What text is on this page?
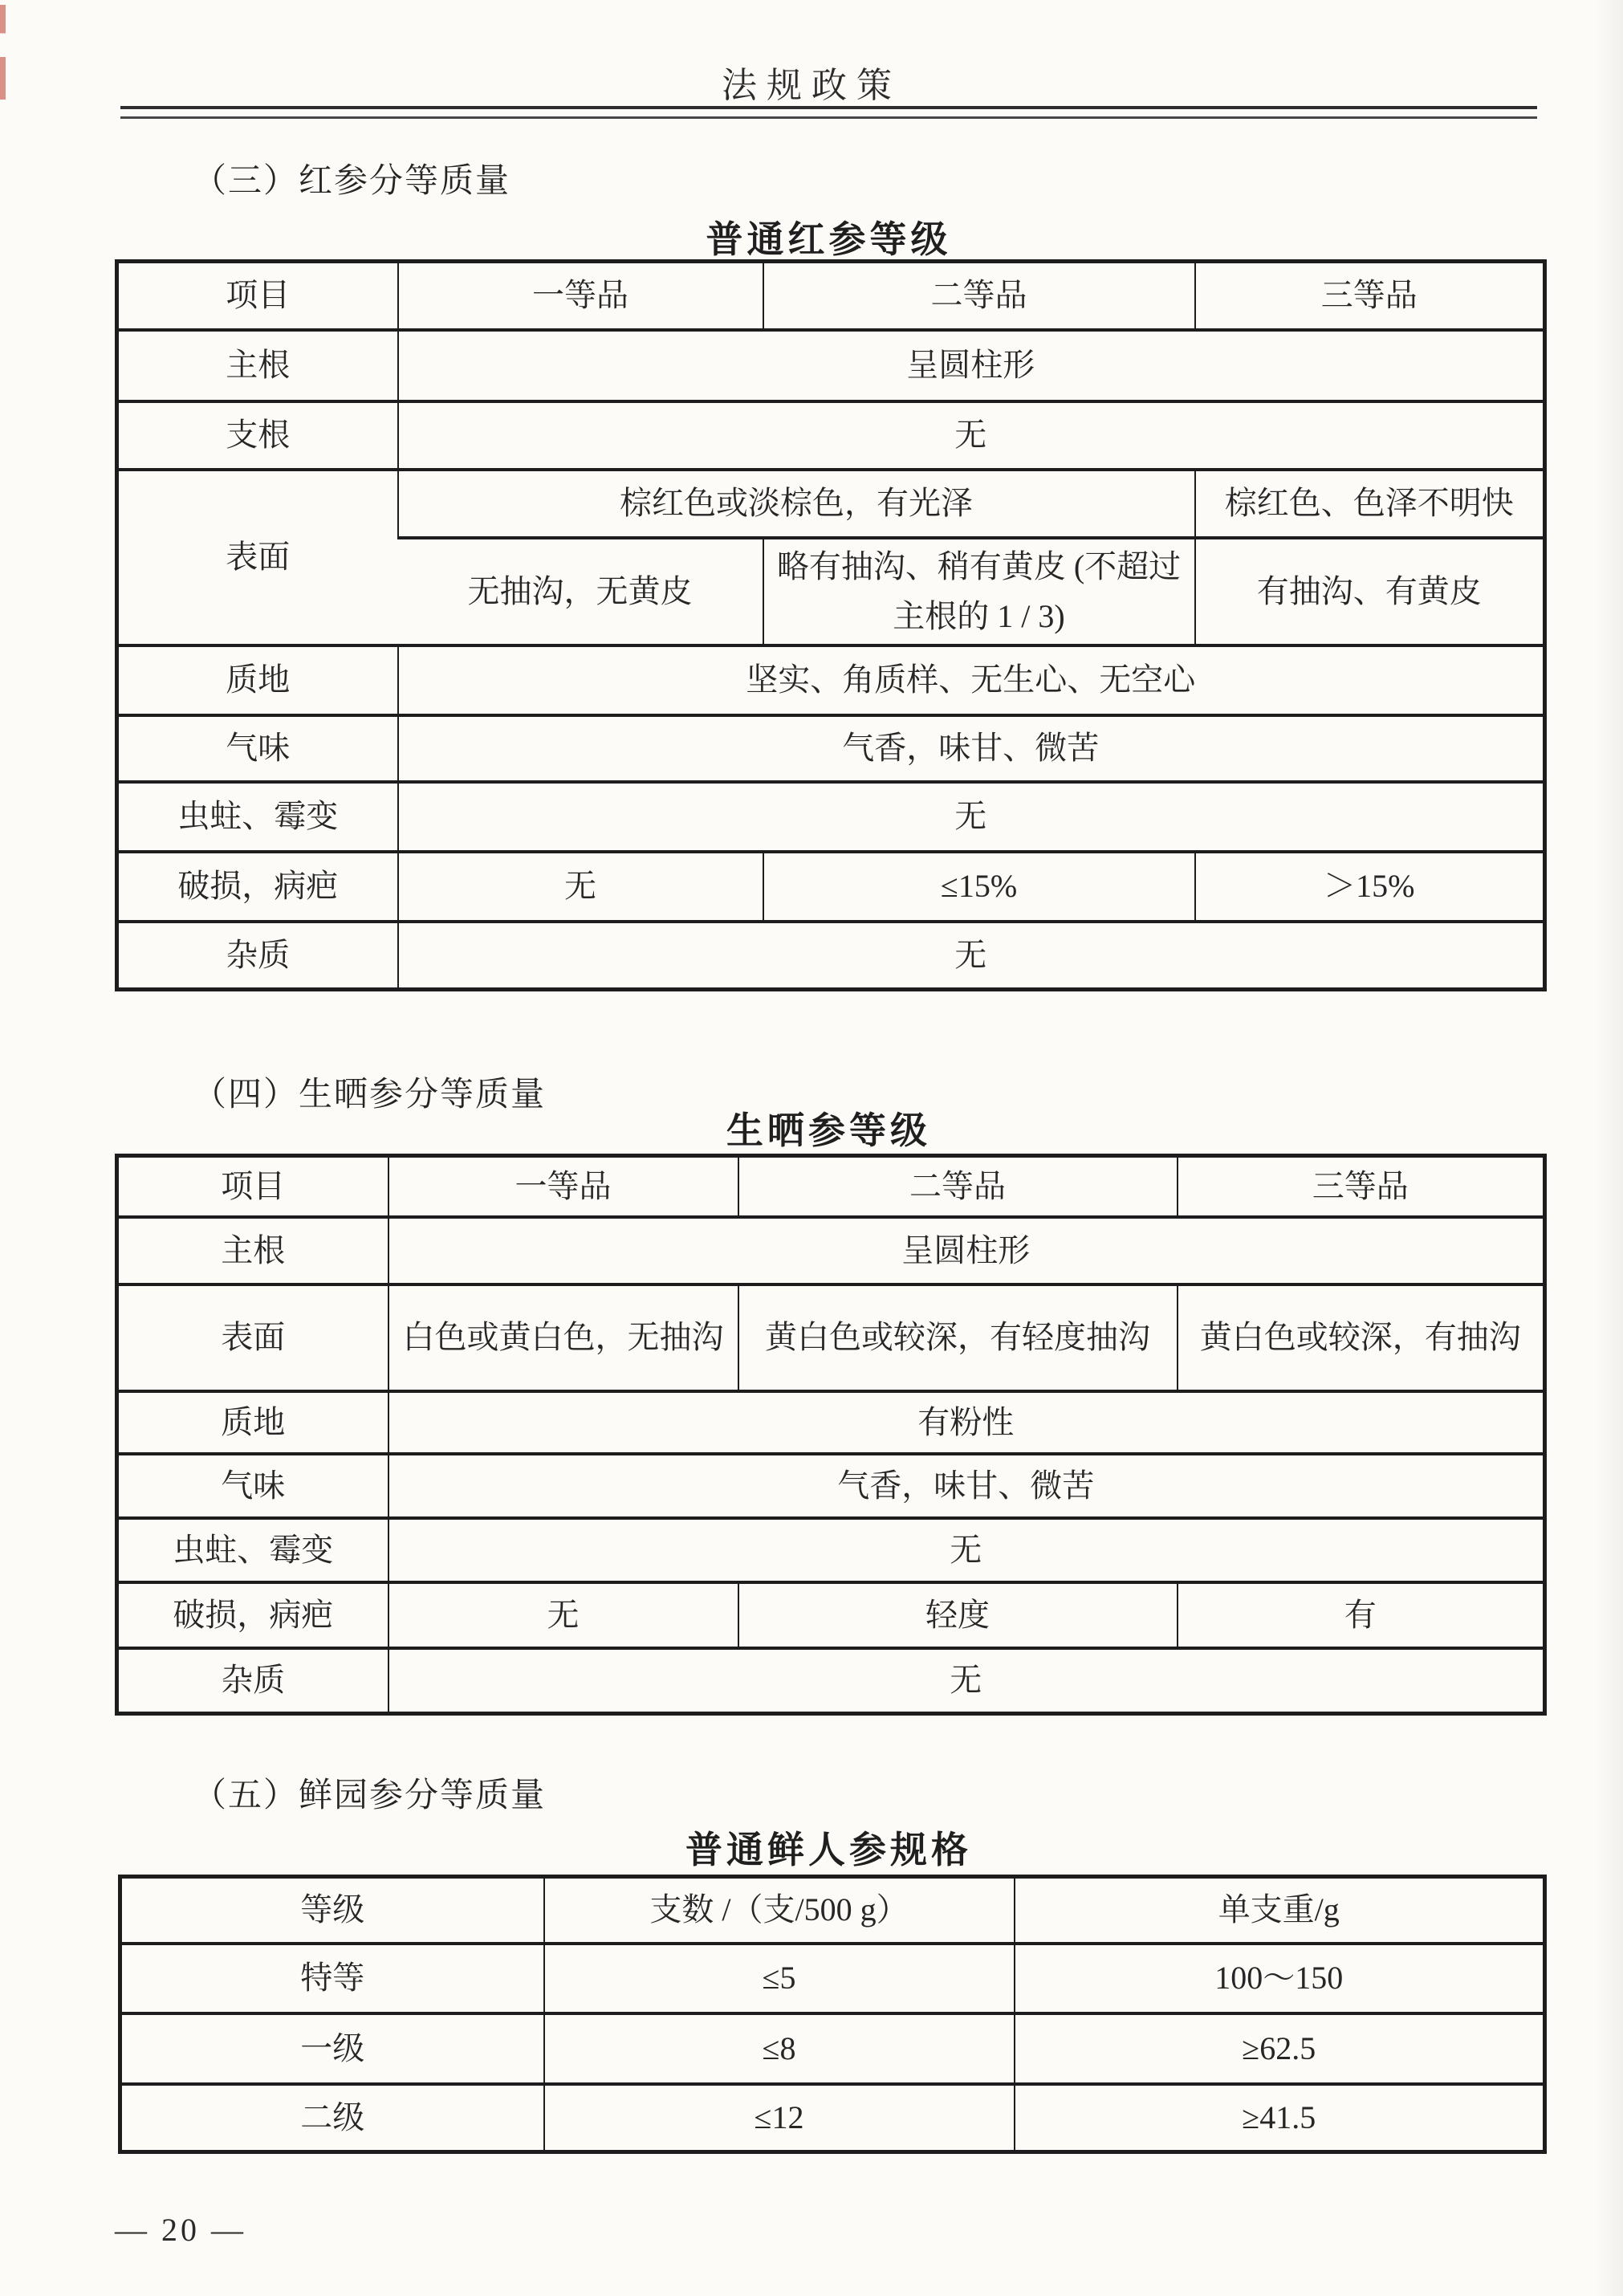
法规政策
（三）红参分等质量
普通红参等级
项目	一等品	二等品	三等品
主根	呈圆柱形		
支根	无		
表面	棕红色或淡棕色，有光泽		棕红色、色泽不明快
	无抽沟，无黄皮	略有抽沟、稍有黄皮 (不超过主根的 1 / 3)	有抽沟、有黄皮
质地	坚实、角质样、无生心、无空心		
气味	气香，味甘、微苦		
虫蛀、霉变	无		
破损，病疤	无	≤15%	＞15%
杂质	无		
（四）生晒参分等质量
生晒参等级
项目	一等品	二等品	三等品
主根	呈圆柱形		
表面	白色或黄白色，无抽沟	黄白色或较深，有轻度抽沟	黄白色或较深，有抽沟
质地	有粉性		
气味	气香，味甘、微苦		
虫蛀、霉变	无		
破损，病疤	无	轻度	有
杂质	无		
（五）鲜园参分等质量
普通鲜人参规格
等级	支数 /（支/500 g）	单支重/g
特等	≤5	100～150
一级	≤8	≥62.5
二级	≤12	≥41.5
— 20 —
